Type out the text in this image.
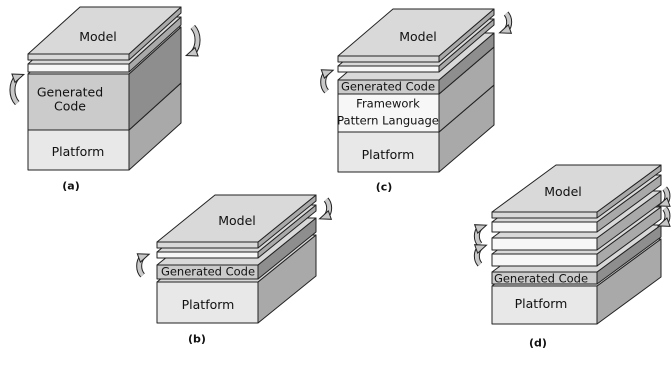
Model
Generated Code
Platform
(a)
Model
Generated Code
Framework
Pattern Language
Platform
(c)
Model
Generated Code
Platform
(b)
Model
Generated Code
Platform
(d)
